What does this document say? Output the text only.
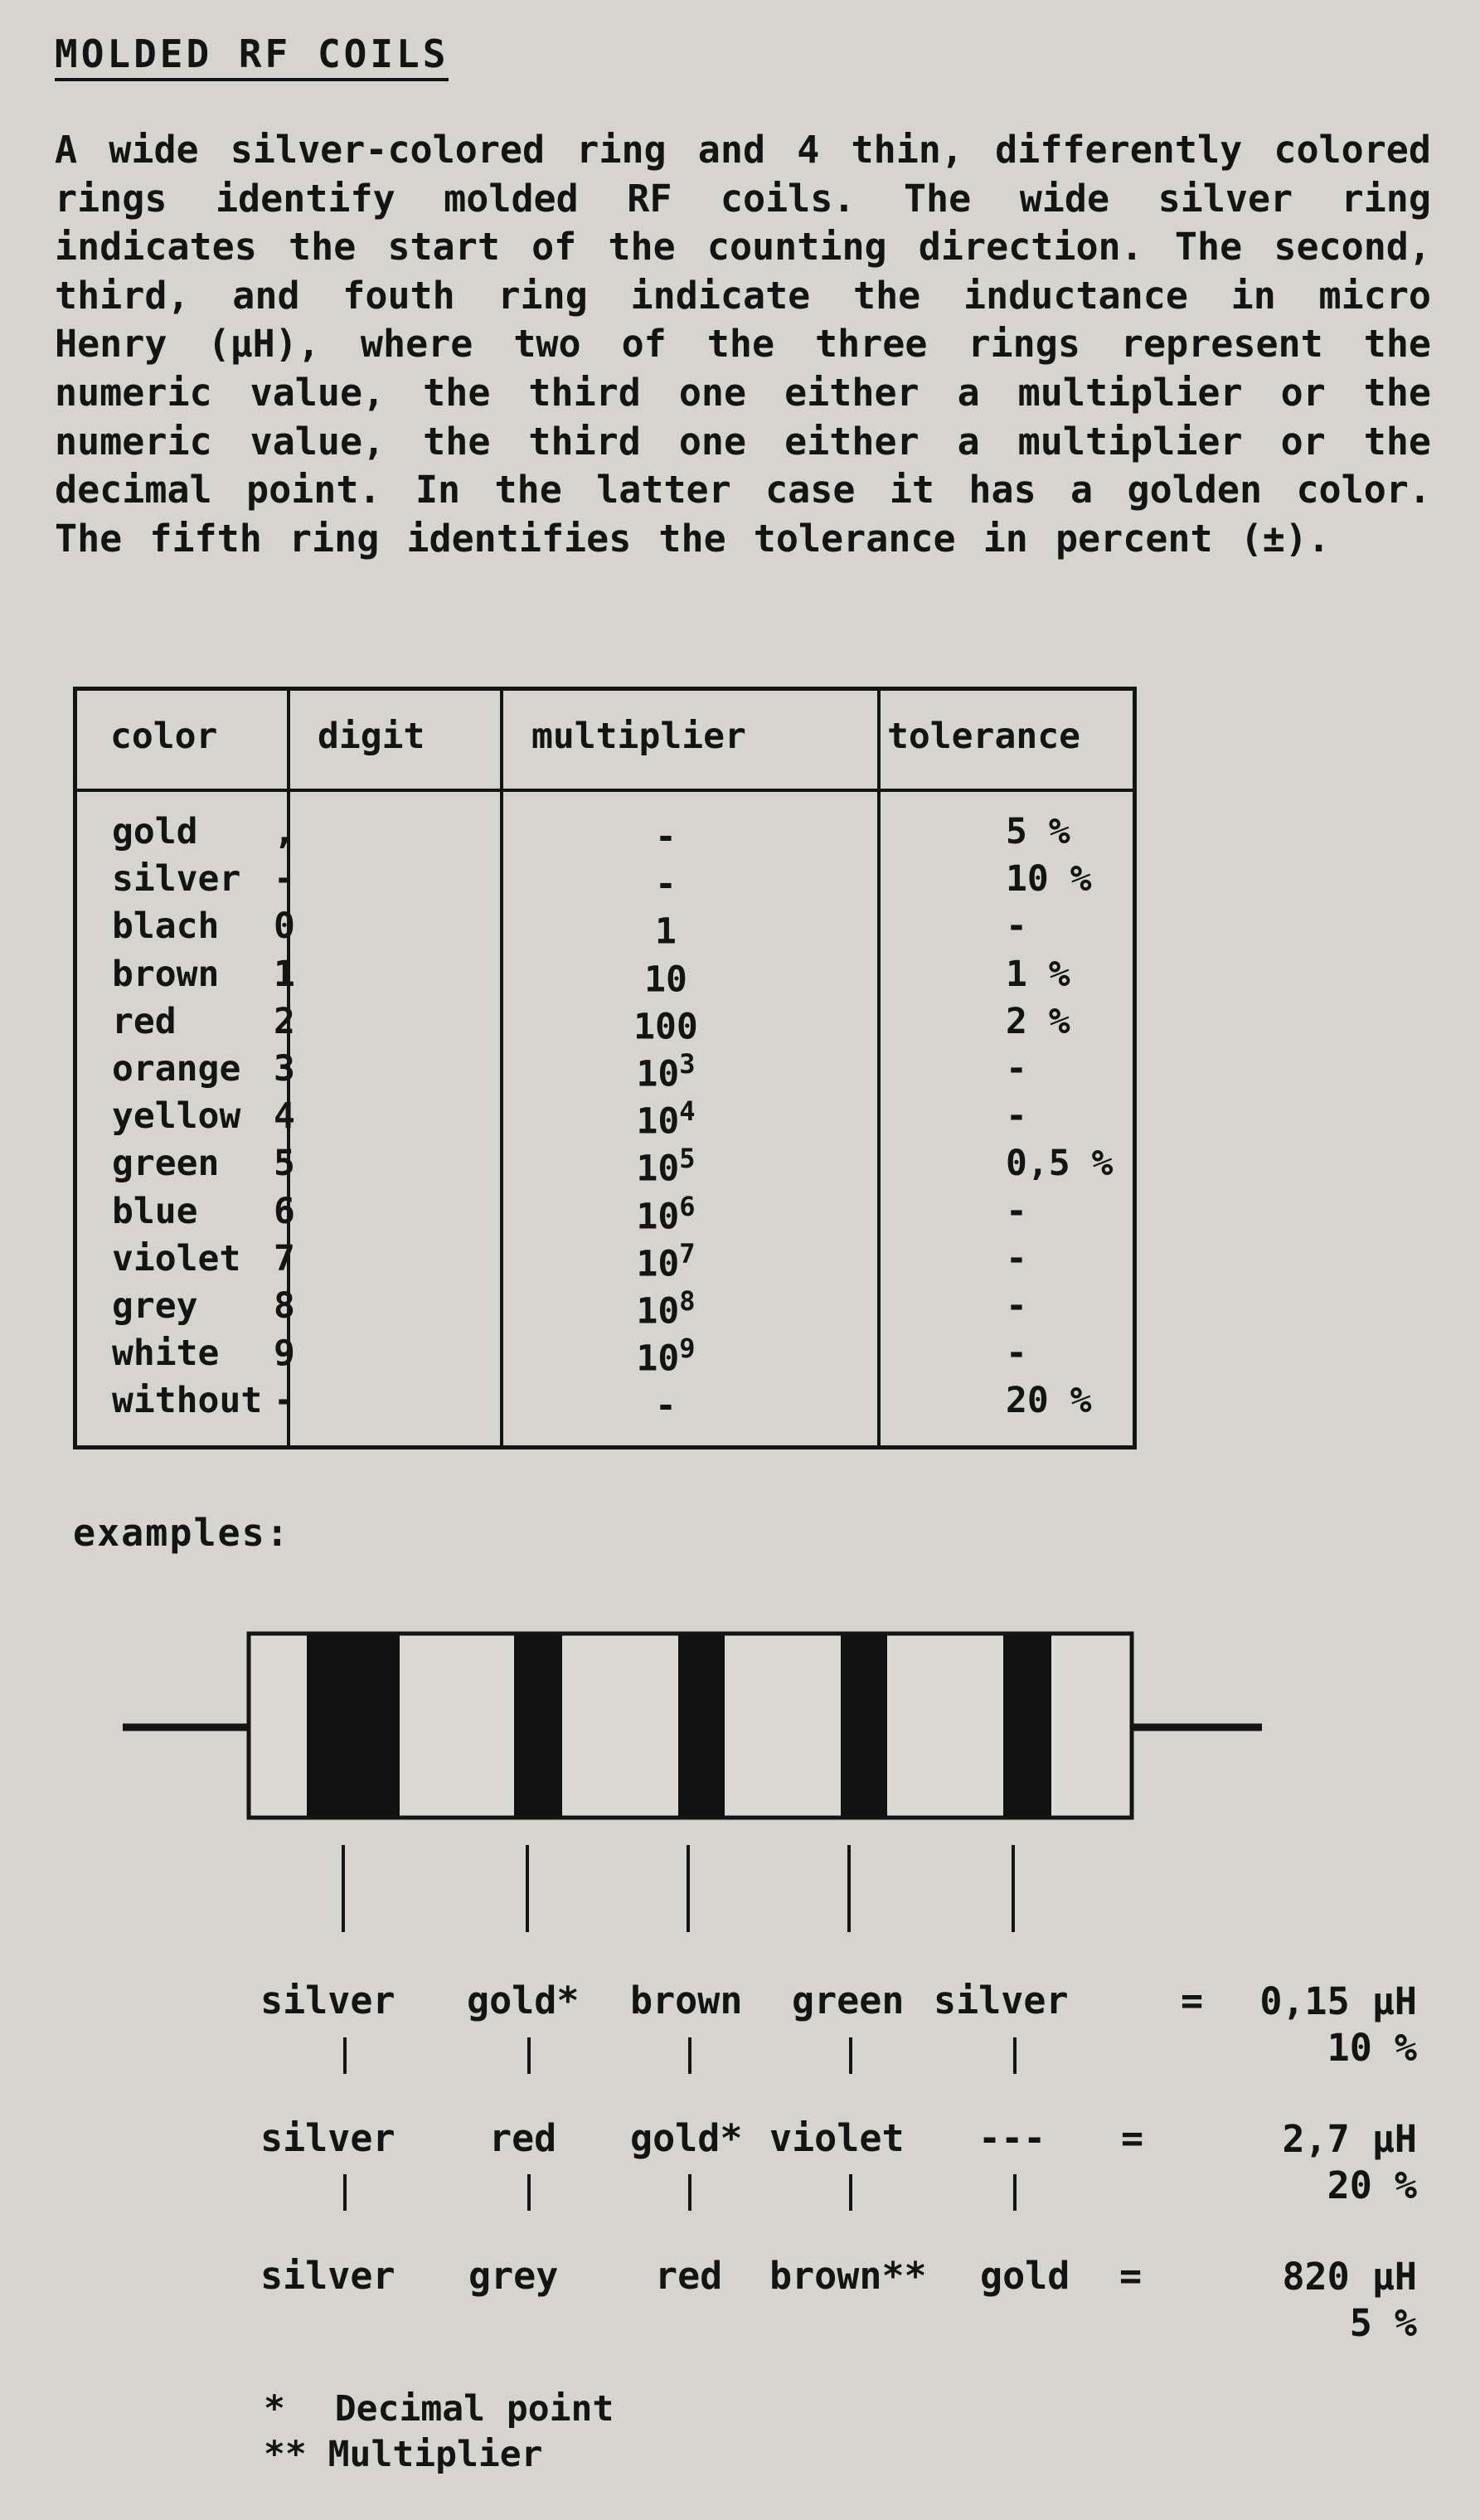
MOLDED RF COILS
A wide silver-colored ring and 4 thin, differently colored rings identify molded RF coils. The wide silver ring indicates the start of the counting direction. The second, third, and fouth ring indicate the inductance in micro Henry (µH), where two of the three rings represent the numeric value, the third one either a multiplier or the numeric value, the third one either a multiplier or the decimal point. In the latter case it has a golden color. The fifth ring identifies the tolerance in percent (±).
color	digit	multiplier	tolerance
gold	,	-	5 %
silver -	-	10 %
blach	0	1	-
brown	1	10	1 %
red	2	100	2 %
orange 3	$10^3$	-
yellow 4	$10^4$	-
green	5	$10^5$	0,5 %
blue	6	$10^6$	-
violet 7	$10^7$	-
grey	8	$10^8$	-
white	9	$10^9$	-
without -	-	20 %
examples:
silver gold* brown green silver	= 0,15 µH
10 %
silver	red gold* violet --- =	2,7 µH
20 %
silver grey	red brown** gold =	820 µH
5 %
* Decimal point
** Multiplier
